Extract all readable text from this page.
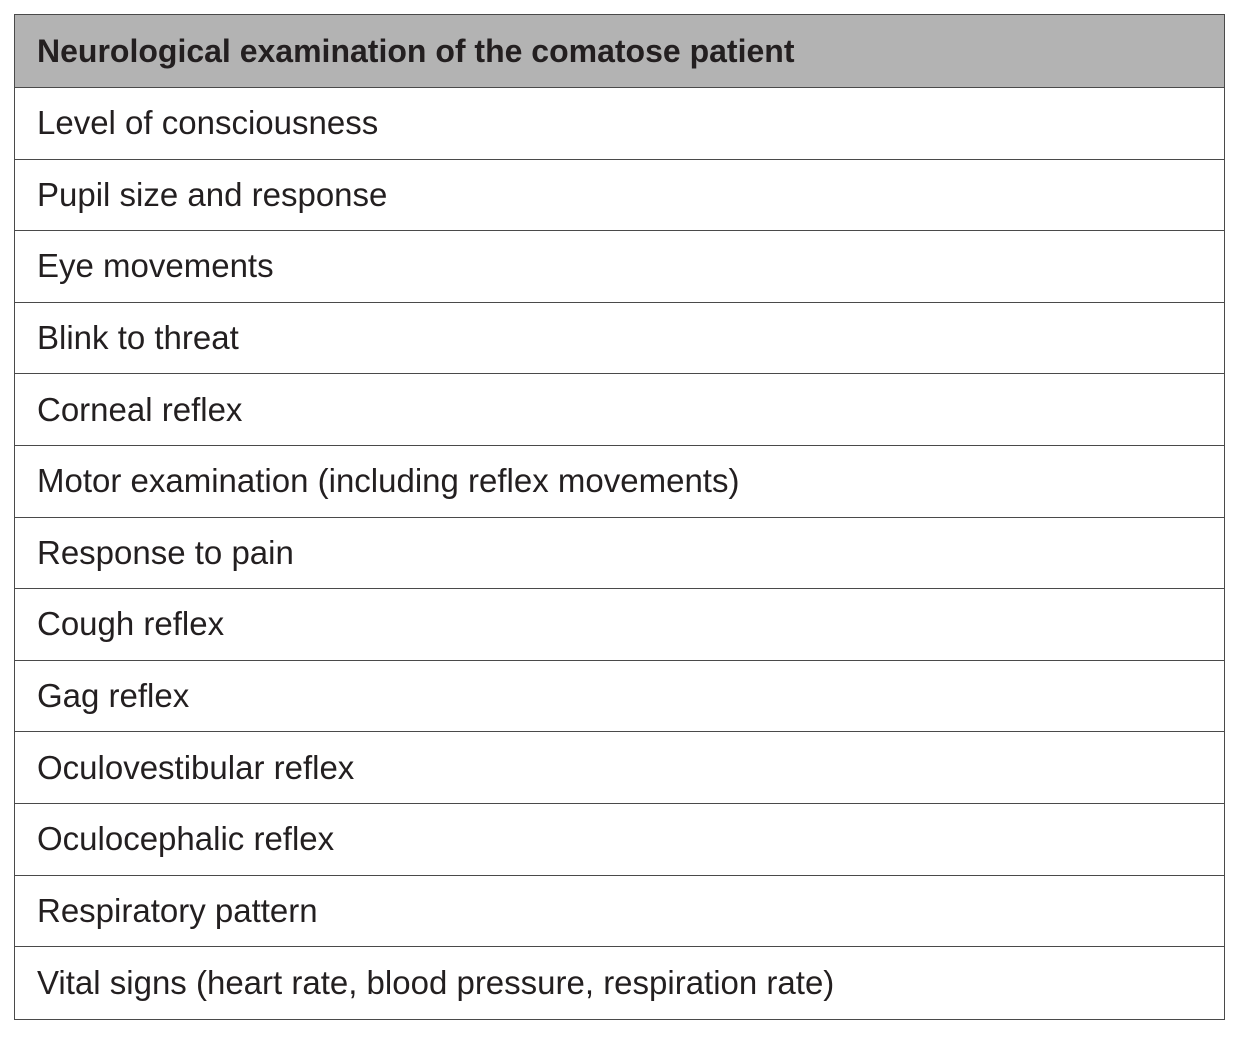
Neurological examination of the comatose patient
Level of consciousness
Pupil size and response
Eye movements
Blink to threat
Corneal reflex
Motor examination (including reflex movements)
Response to pain
Cough reflex
Gag reflex
Oculovestibular reflex
Oculocephalic reflex
Respiratory pattern
Vital signs (heart rate, blood pressure, respiration rate)
